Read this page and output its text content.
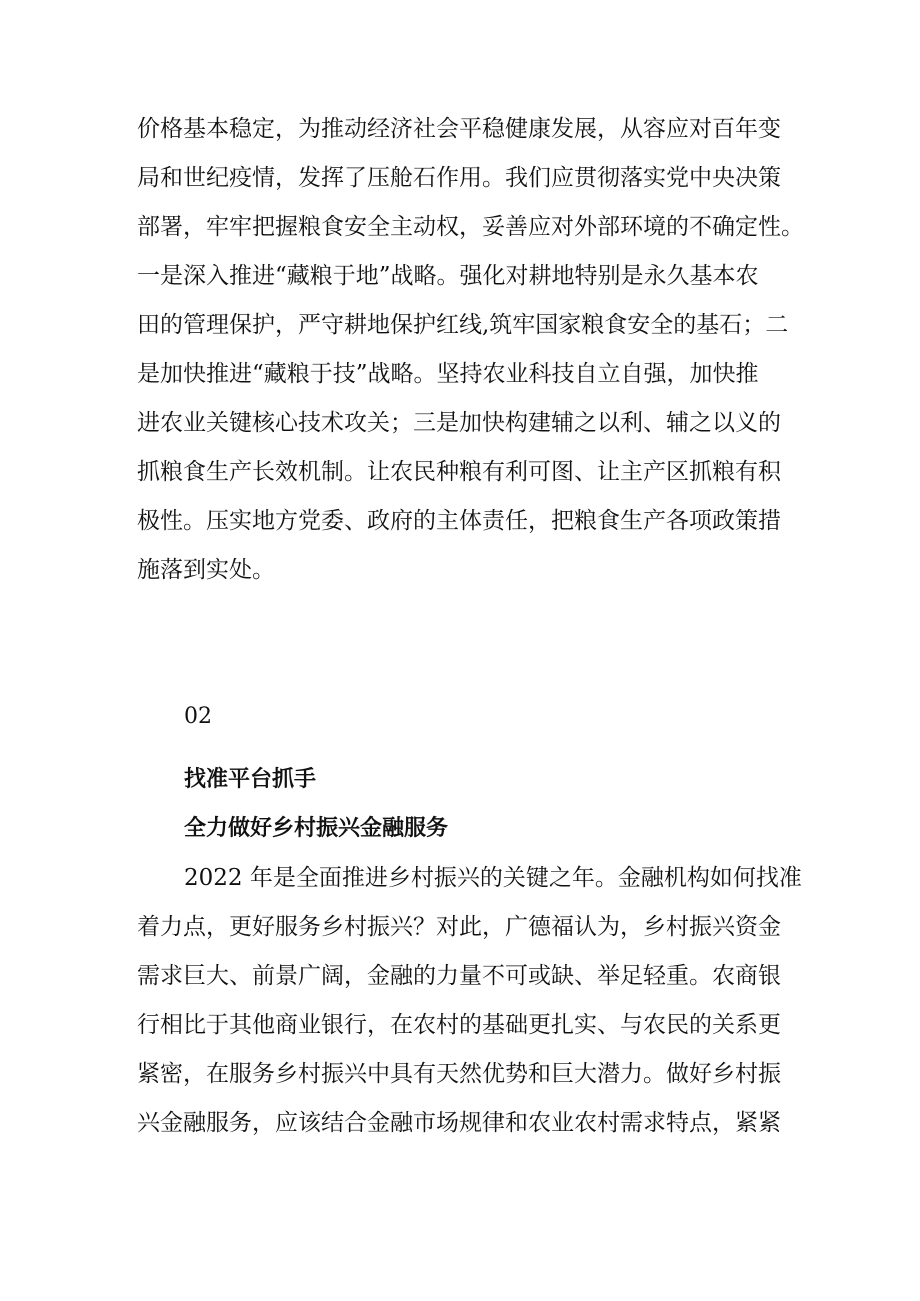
价格基本稳定，为推动经济社会平稳健康发展，从容应对百年变
局和世纪疫情，发挥了压舱石作用。我们应贯彻落实党中央决策
部署，牢牢把握粮食安全主动权，妥善应对外部环境的不确定性。
一是深入推进“藏粮于地”战略。强化对耕地特别是永久基本农
田的管理保护，严守耕地保护红线,筑牢国家粮食安全的基石；二
是加快推进“藏粮于技”战略。坚持农业科技自立自强，加快推
进农业关键核心技术攻关；三是加快构建辅之以利、辅之以义的
抓粮食生产长效机制。让农民种粮有利可图、让主产区抓粮有积
极性。压实地方党委、政府的主体责任，把粮食生产各项政策措
施落到实处。
02
找准平台抓手
全力做好乡村振兴金融服务
2022 年是全面推进乡村振兴的关键之年。金融机构如何找准
着力点，更好服务乡村振兴？对此，广德福认为，乡村振兴资金
需求巨大、前景广阔，金融的力量不可或缺、举足轻重。农商银
行相比于其他商业银行，在农村的基础更扎实、与农民的关系更
紧密，在服务乡村振兴中具有天然优势和巨大潜力。做好乡村振
兴金融服务，应该结合金融市场规律和农业农村需求特点，紧紧
